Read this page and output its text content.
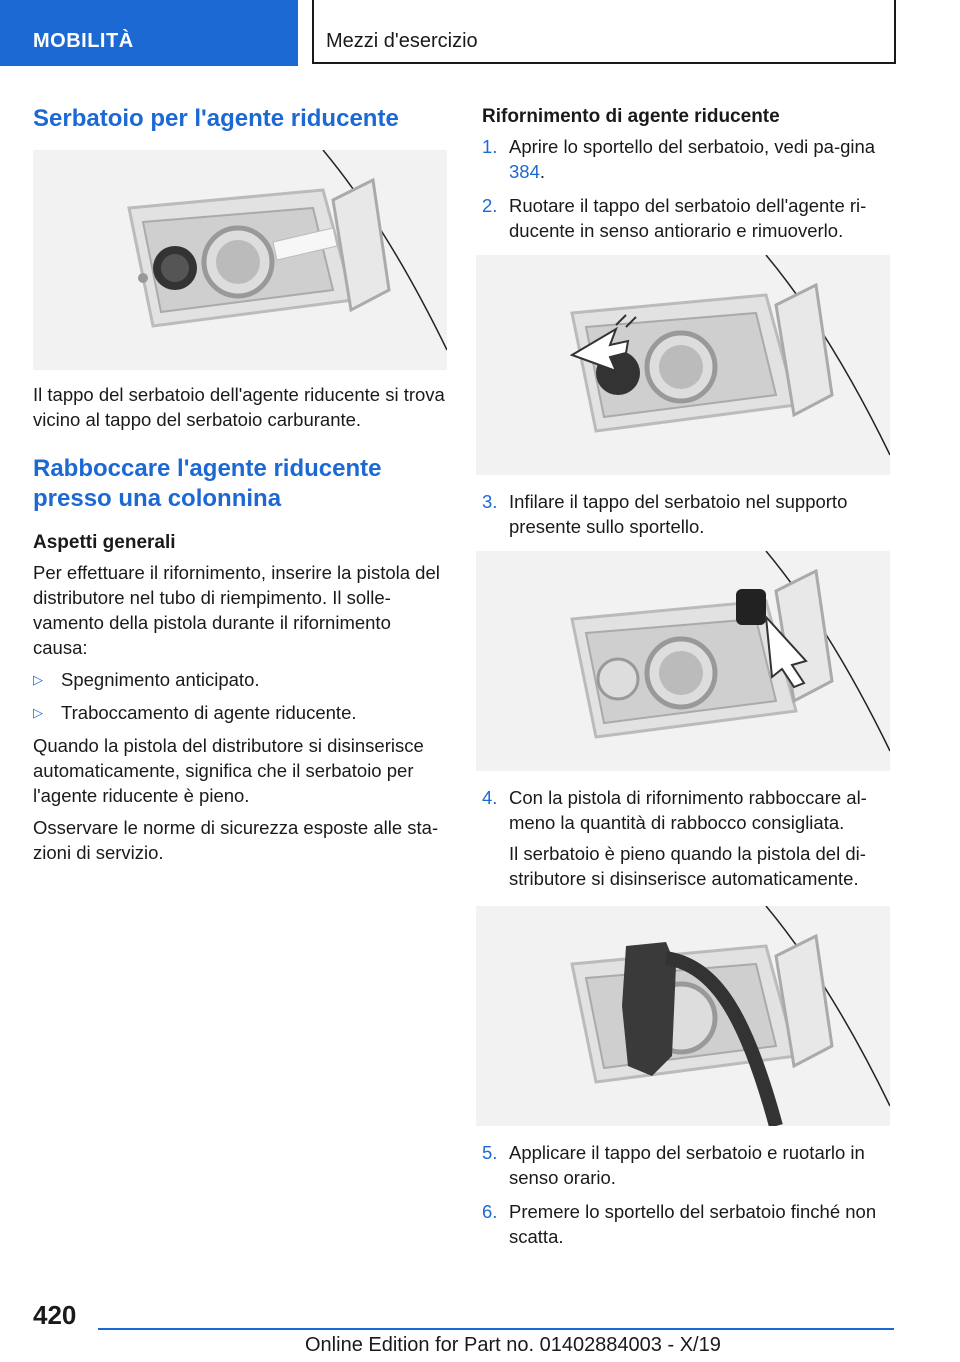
MOBILITÀ	Mezzi d'esercizio
Serbatoio per l'agente riducente

Il tappo del serbatoio dell'agente riducente si trova vicino al tappo del serbatoio carburante.

Rabboccare l'agente riducente presso una colonnina
Aspetti generali

Per effettuare il rifornimento, inserire la pistola del distributore nel tubo di riempimento. Il solle-vamento della pistola durante il rifornimento causa:

▷ Spegnimento anticipato.
▷ Traboccamento di agente riducente.

Quando la pistola del distributore si disinserisce automaticamente, significa che il serbatoio per l'agente riducente è pieno.

Osservare le norme di sicurezza esposte alle sta-zioni di servizio.

Rifornimento di agente riducente
1. Aprire lo sportello del serbatoio, vedi pa-gina 384.
2. Ruotare il tappo del serbatoio dell'agente ri-ducente in senso antiorario e rimuoverlo.
3. Infilare il tappo del serbatoio nel supporto presente sullo sportello.
4. Con la pistola di rifornimento rabboccare al-meno la quantità di rabbocco consigliata.

Il serbatoio è pieno quando la pistola del di-stributore si disinserisce automaticamente.

5. Applicare il tappo del serbatoio e ruotarlo in senso orario.
6. Premere lo sportello del serbatoio finché non scatta.
420
Online Edition for Part no. 01402884003 - X/19
